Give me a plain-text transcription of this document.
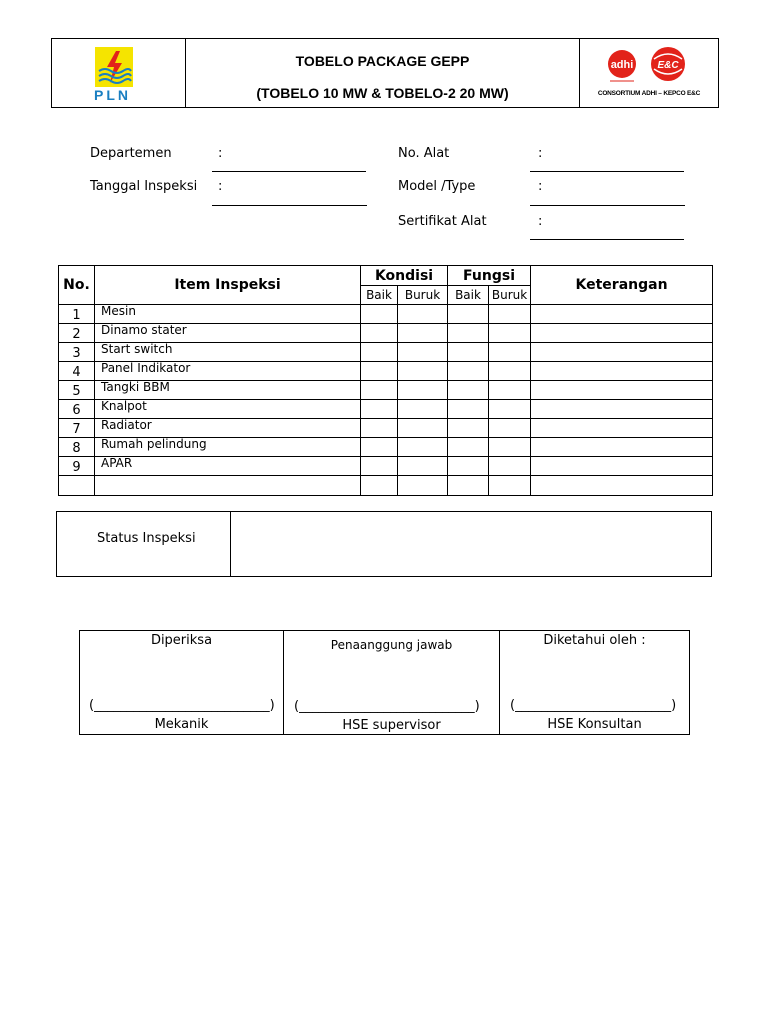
PLN
TOBELO PACKAGE GEPP
(TOBELO 10 MW & TOBELO-2 20 MW)
adhi E&C
CONSORTIUM ADHI – KEPCO E&C
Departemen	:
Tanggal Inspeksi :
No. Alat	:
Model /Type	:
Sertifikat Alat	:
No.	Item Inspeksi	Kondisi		Fungsi		Keterangan
		Baik	Buruk	Baik	Buruk	
1	Mesin					
2	Dinamo stater					
3	Start switch					
4	Panel Indikator					
5	Tangki BBM					
6	Knalpot					
7	Radiator					
8	Rumah pelindung					
9	APAR					

Status Inspeksi
Diperiksa
(___________________________)
Mekanik
Penaanggung jawab
(___________________________)
HSE supervisor
Diketahui oleh :
(________________________)
HSE Konsultan
